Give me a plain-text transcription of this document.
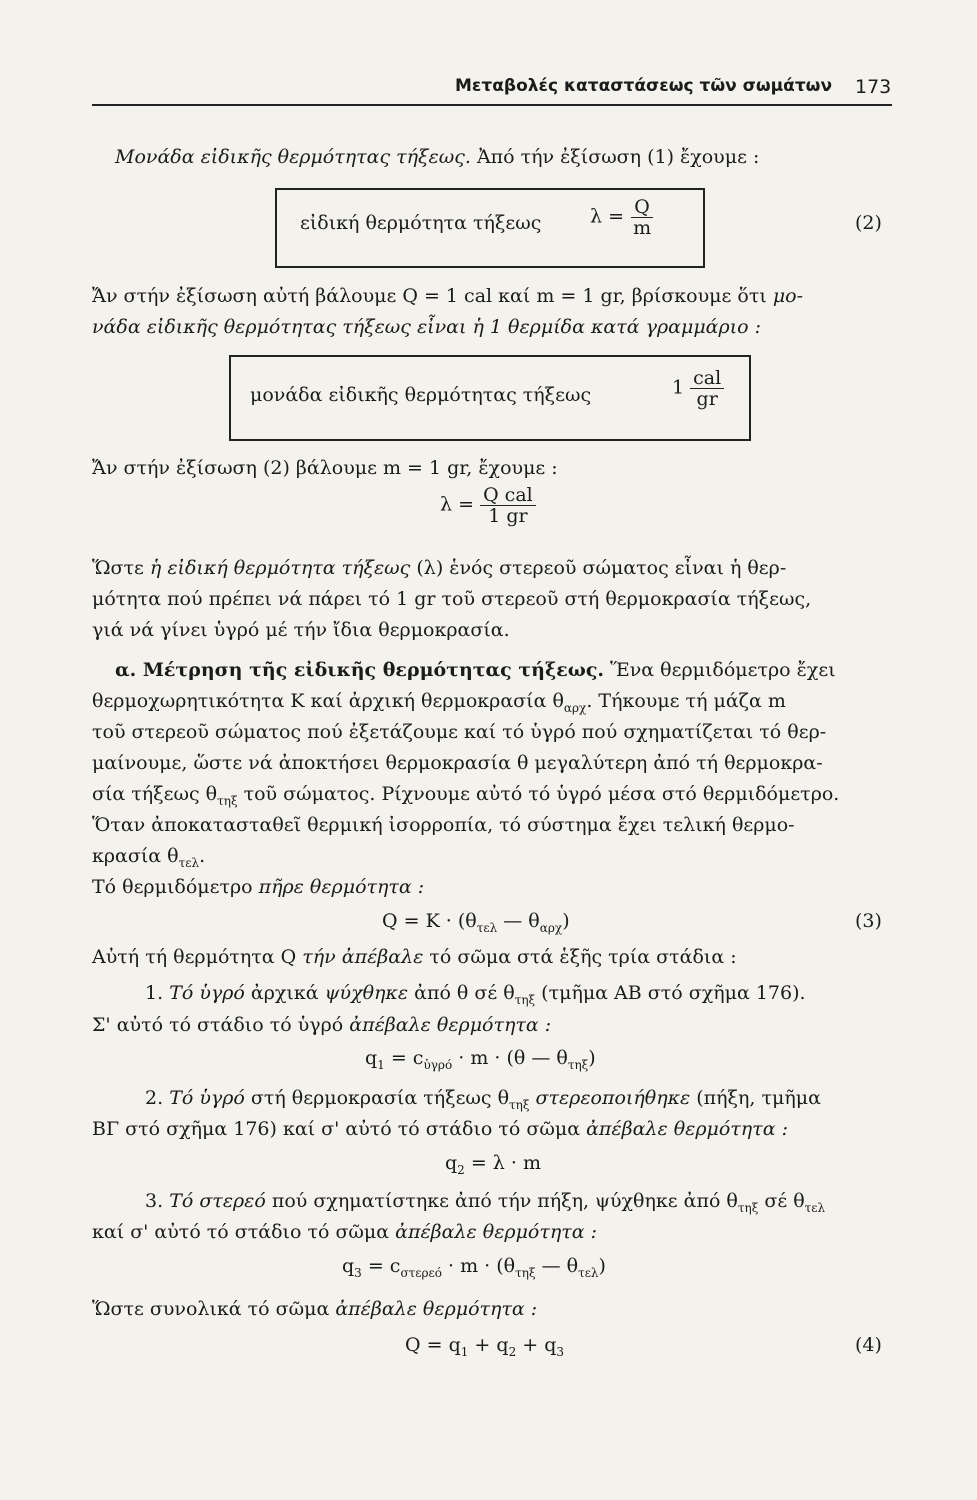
Μεταβολές καταστάσεως τῶν σωμάτων 173
Μονάδα εἰδικῆς θερμότητας τήξεως. Ἀπό τήν ἐξίσωση (1) ἔχουμε :
εἰδική θερμότητα τήξεως	$\lambda = \frac{Q}{m}$	(2)
Ἄν στήν ἐξίσωση αὐτή βάλουμε Q = 1 cal καί m = 1 gr, βρίσκουμε ὅτι μο-
νάδα εἰδικῆς θερμότητας τήξεως εἶναι ἡ 1 θερμίδα κατά γραμμάριο :
μονάδα εἰδικῆς θερμότητας τήξεως	$1 \frac{\text{cal}}{gr}$
Ἄν στήν ἐξίσωση (2) βάλουμε m = 1 gr, ἔχουμε :
$\lambda = \frac{\text{Q cal}}{1 gr}$
Ὥστε ἡ εἰδική θερμότητα τήξεως (λ) ἑνός στερεοῦ σώματος εἶναι ἡ θερ-
μότητα πού πρέπει νά πάρει τό 1 gr τοῦ στερεοῦ στή θερμοκρασία τήξεως,
γιά νά γίνει ὑγρό μέ τήν ἴδια θερμοκρασία.
α. Μέτρηση τῆς εἰδικῆς θερμότητας τήξεως. Ἕνα θερμιδόμετρο ἔχει
θερμοχωρητικότητα Κ καί ἀρχική θερμοκρασία $\theta_{\alpha\rho\chi}$. Τήκουμε τή μάζα m
τοῦ στερεοῦ σώματος πού ἐξετάζουμε καί τό ὑγρό πού σχηματίζεται τό θερ-
μαίνουμε, ὥστε νά ἀποκτήσει θερμοκρασία θ μεγαλύτερη ἀπό τή θερμοκρα-
σία τήξεως $\theta_{\tau\eta\xi}$ τοῦ σώματος. Ρίχνουμε αὐτό τό ὑγρό μέσα στό θερμιδόμετρο.
Ὅταν ἀποκατασταθεῖ θερμική ἰσορροπία, τό σύστημα ἔχει τελική θερμο-
κρασία $\theta_{\tau\varepsilon\lambda}$.
Τό θερμιδόμετρο πῆρε θερμότητα :
$Q = K \cdot (\theta_{\tau\varepsilon\lambda}$ — $\theta_{\alpha\rho\chi}$)	(3)
Αὐτή τή θερμότητα Q τήν ἀπέβαλε τό σῶμα στά ἑξῆς τρία στάδια :
1. Τό ὑγρό ἀρχικά ψύχθηκε ἀπό θ σέ $\theta_{\tau\eta\xi}$ (τμῆμα ΑΒ στό σχῆμα 176).
Σ' αὐτό τό στάδιο τό ὑγρό ἀπέβαλε θερμότητα :
$q_1 = c_{ὑ\gamma\rho ό} \cdot m \cdot (\theta$ — $\theta_{\tau\eta\xi}$)
2. Τό ὑγρό στή θερμοκρασία τήξεως $\theta_{\tau\eta\xi}$ στερεοποιήθηκε (πήξη, τμῆμα
ΒΓ στό σχῆμα 176) καί σ' αὐτό τό στάδιο τό σῶμα ἀπέβαλε θερμότητα :
$q_2 = \lambda \cdot m$
3. Τό στερεό πού σχηματίστηκε ἀπό τήν πήξη, ψύχθηκε ἀπό $\theta_{\tau\eta\xi}$ σέ $\theta_{\tau\varepsilon\lambda}$
καί σ' αὐτό τό στάδιο τό σῶμα ἀπέβαλε θερμότητα :
$q_3 = c_{\sigma\tau\varepsilon\rho\varepsilon ό} \cdot m \cdot (\theta_{\tau\eta\xi}$ — $\theta_{\tau\varepsilon\lambda}$)
Ὥστε συνολικά τό σῶμα ἀπέβαλε θερμότητα :
$Q = q_1 + q_2 + q_3$	(4)
